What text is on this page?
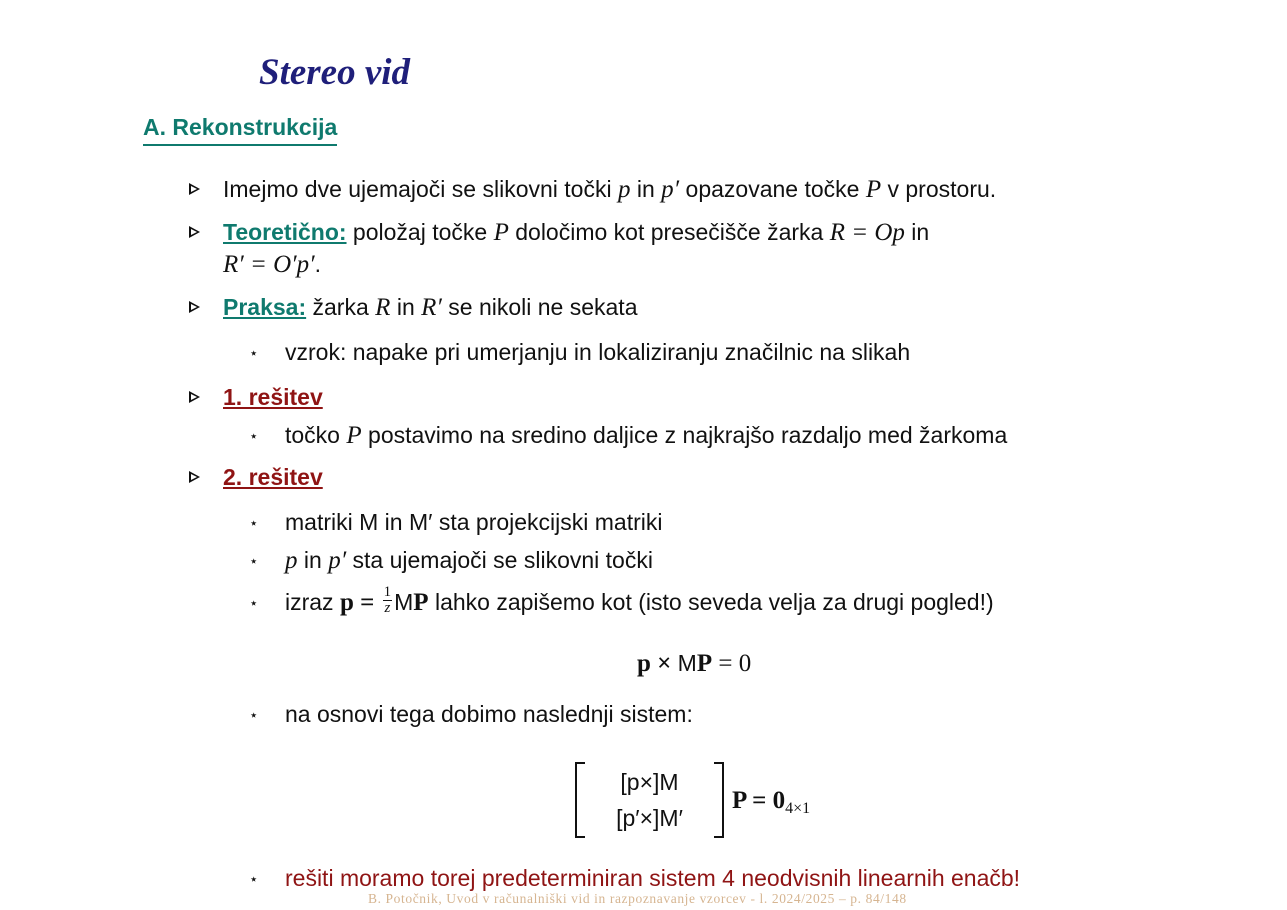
Stereo vid
A. Rekonstrukcija
Imejmo dve ujemajoči se slikovni točki p in p′ opazovane točke P v prostoru.
Teoretično: položaj točke P določimo kot presečišče žarka R = Op in
R′ = O′p′.
Praksa: žarka R in R′ se nikoli ne sekata
⋆ vzrok: napake pri umerjanju in lokaliziranju značilnic na slikah
1. rešitev
⋆ točko P postavimo na sredino daljice z najkrajšo razdaljo med žarkoma
2. rešitev
⋆ matriki M in M′ sta projekcijski matriki
⋆ p in p′ sta ujemajoči se slikovni točki
⋆ izraz $p = \frac{1}{z}$ MP lahko zapišemo kot (isto seveda velja za drugi pogled!)
p × MP = 0
⋆ na osnovi tega dobimo naslednji sistem:
[p×]M
[p′×]M′
$P = 0_{4\times 1}$
⋆ rešiti moramo torej predeterminiran sistem 4 neodvisnih linearnih enačb!
B. Potočnik, Uvod v računalniški vid in razpoznavanje vzorcev - l. 2024/2025 – p. 84/148
